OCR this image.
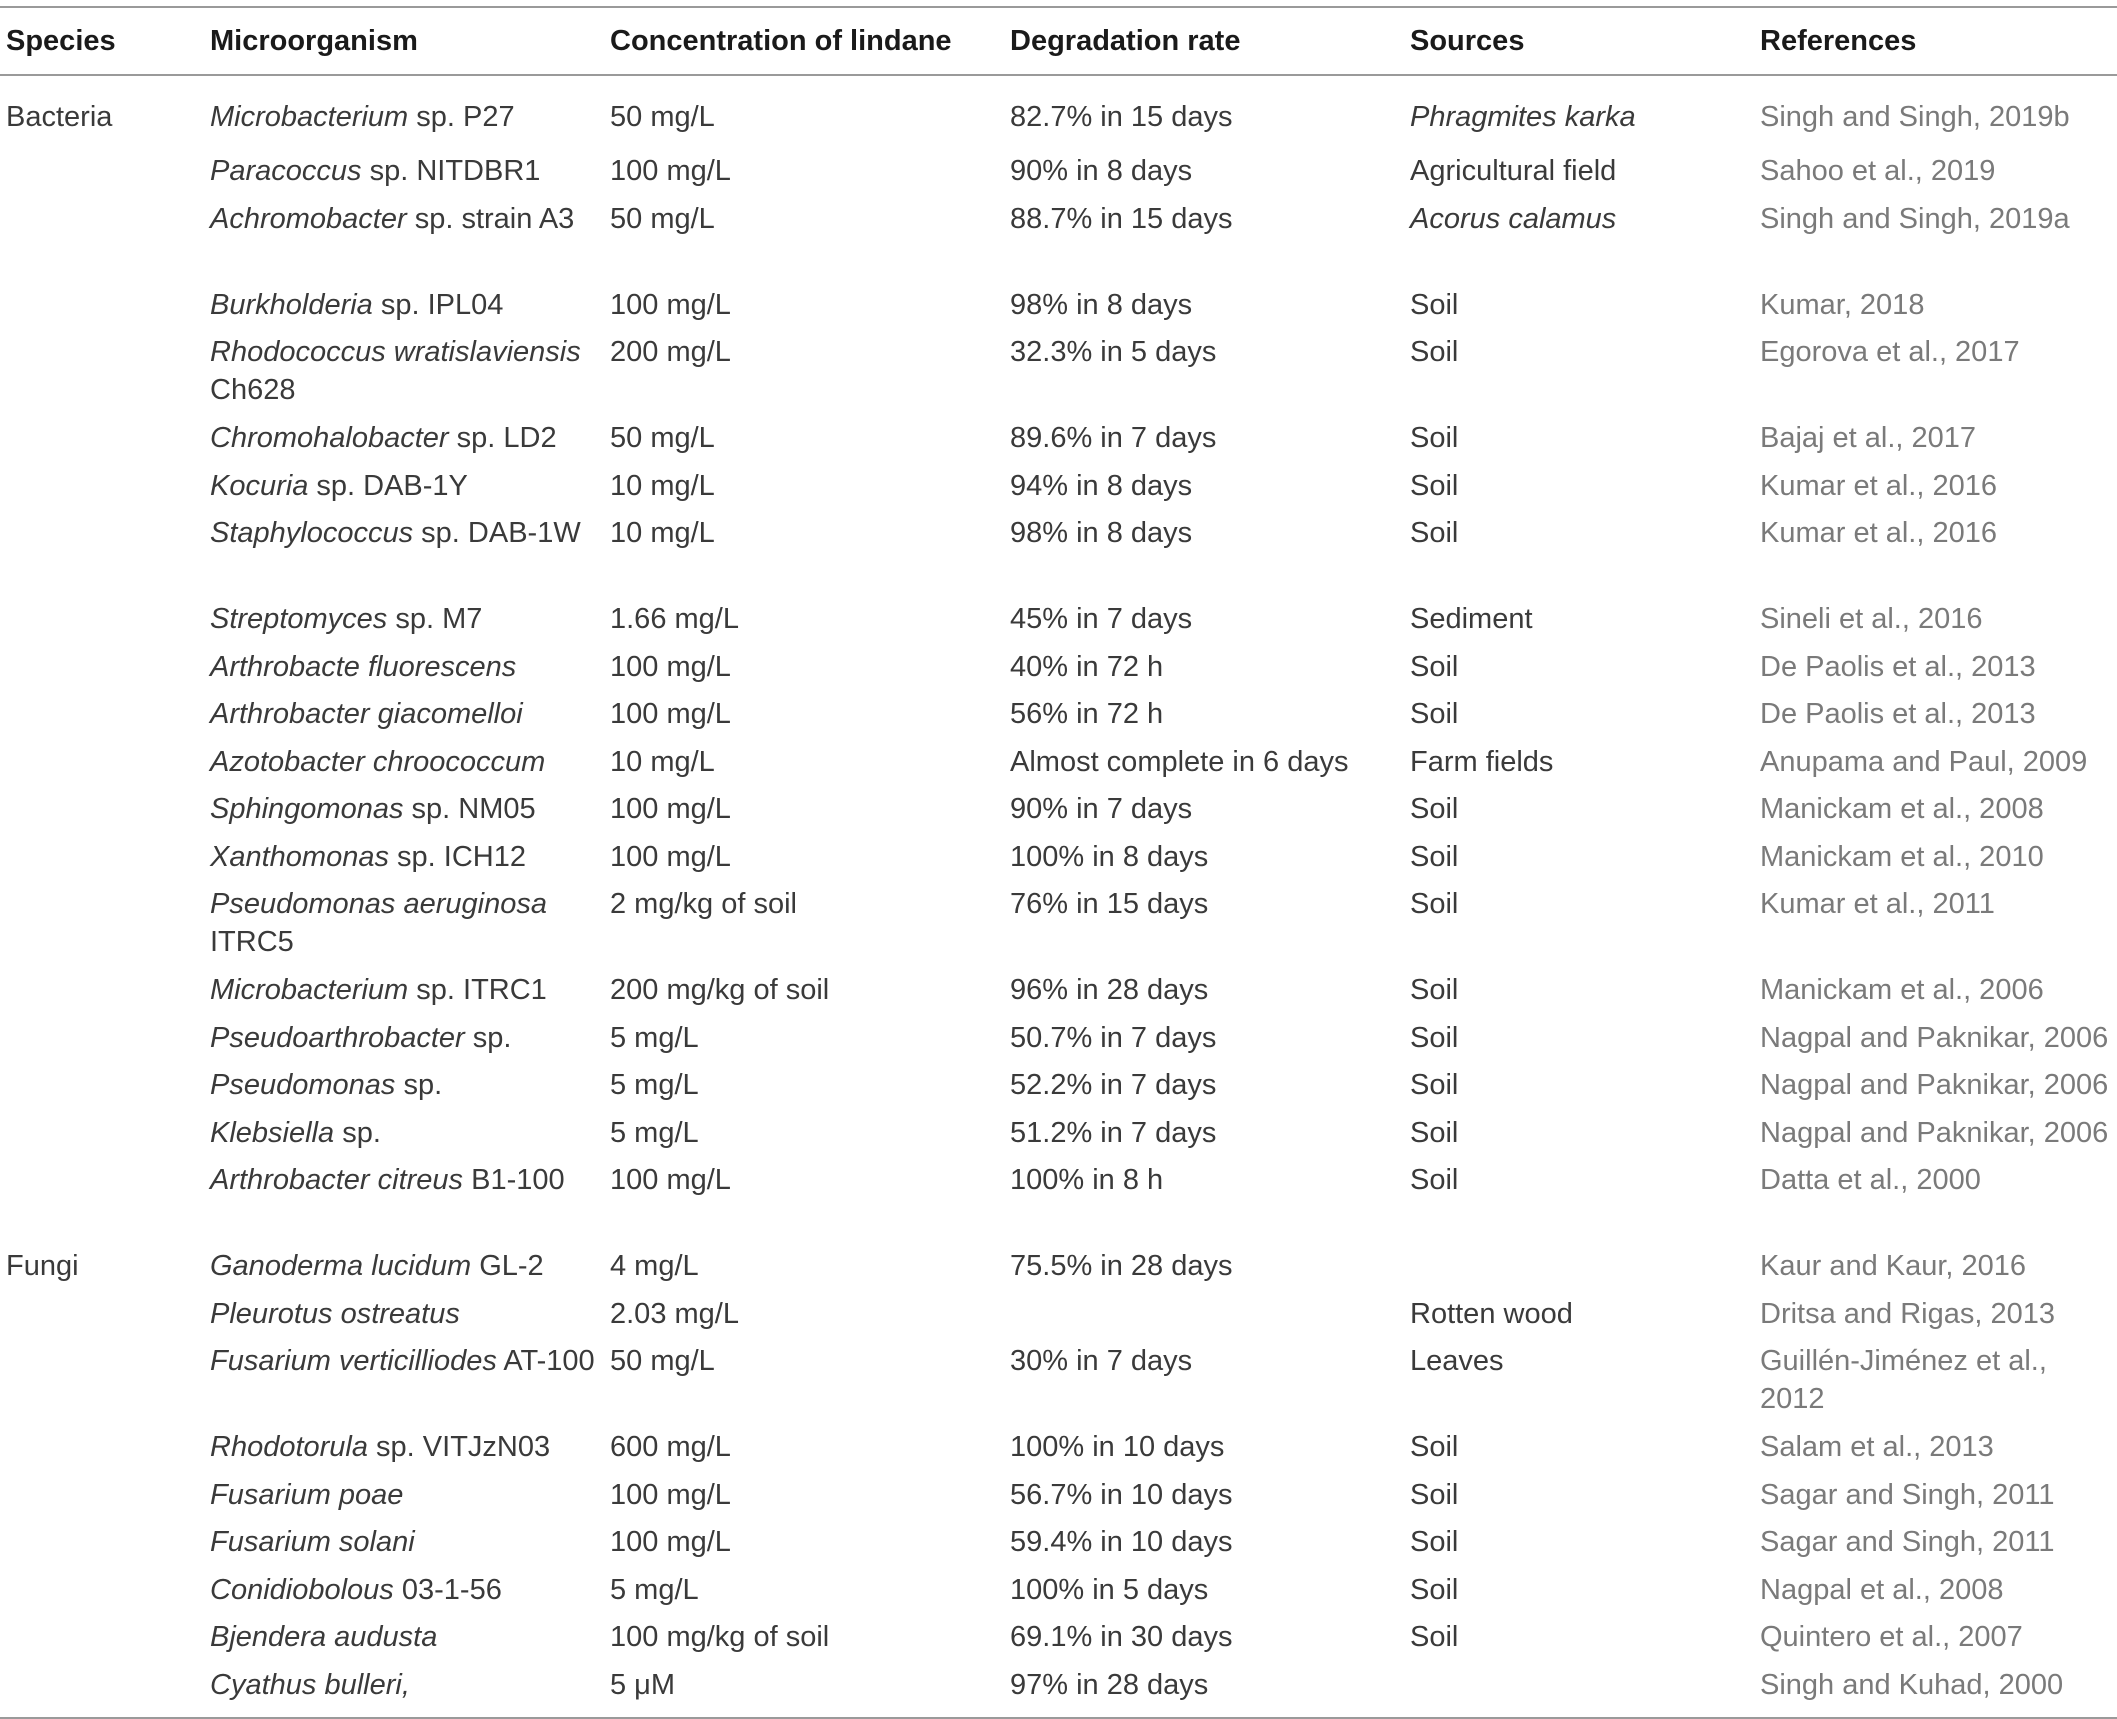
Species	Microorganism	Concentration of lindane	Degradation rate	Sources	References
Bacteria	Microbacterium sp. P27	50 mg/L	82.7% in 15 days	Phragmites karka	Singh and Singh, 2019b
	Paracoccus sp. NITDBR1	100 mg/L	90% in 8 days	Agricultural field	Sahoo et al., 2019
	Achromobacter sp. strain A3	50 mg/L	88.7% in 15 days	Acorus calamus	Singh and Singh, 2019a
	Burkholderia sp. IPL04	100 mg/L	98% in 8 days	Soil	Kumar, 2018
	Rhodococcus wratislaviensis Ch628	200 mg/L	32.3% in 5 days	Soil	Egorova et al., 2017
	Chromohalobacter sp. LD2	50 mg/L	89.6% in 7 days	Soil	Bajaj et al., 2017
	Kocuria sp. DAB-1Y	10 mg/L	94% in 8 days	Soil	Kumar et al., 2016
	Staphylococcus sp. DAB-1W	10 mg/L	98% in 8 days	Soil	Kumar et al., 2016
	Streptomyces sp. M7	1.66 mg/L	45% in 7 days	Sediment	Sineli et al., 2016
	Arthrobacte fluorescens	100 mg/L	40% in 72 h	Soil	De Paolis et al., 2013
	Arthrobacter giacomelloi	100 mg/L	56% in 72 h	Soil	De Paolis et al., 2013
	Azotobacter chroococcum	10 mg/L	Almost complete in 6 days	Farm fields	Anupama and Paul, 2009
	Sphingomonas sp. NM05	100 mg/L	90% in 7 days	Soil	Manickam et al., 2008
	Xanthomonas sp. ICH12	100 mg/L	100% in 8 days	Soil	Manickam et al., 2010
	Pseudomonas aeruginosa ITRC5	2 mg/kg of soil	76% in 15 days	Soil	Kumar et al., 2011
	Microbacterium sp. ITRC1	200 mg/kg of soil	96% in 28 days	Soil	Manickam et al., 2006
	Pseudoarthrobacter sp.	5 mg/L	50.7% in 7 days	Soil	Nagpal and Paknikar, 2006
	Pseudomonas sp.	5 mg/L	52.2% in 7 days	Soil	Nagpal and Paknikar, 2006
	Klebsiella sp.	5 mg/L	51.2% in 7 days	Soil	Nagpal and Paknikar, 2006
	Arthrobacter citreus B1-100	100 mg/L	100% in 8 h	Soil	Datta et al., 2000
Fungi	Ganoderma lucidum GL-2	4 mg/L	75.5% in 28 days		Kaur and Kaur, 2016
	Pleurotus ostreatus	2.03 mg/L		Rotten wood	Dritsa and Rigas, 2013
	Fusarium verticilliodes AT-100	50 mg/L	30% in 7 days	Leaves	Guillén-Jiménez et al., 2012
	Rhodotorula sp. VITJzN03	600 mg/L	100% in 10 days	Soil	Salam et al., 2013
	Fusarium poae	100 mg/L	56.7% in 10 days	Soil	Sagar and Singh, 2011
	Fusarium solani	100 mg/L	59.4% in 10 days	Soil	Sagar and Singh, 2011
	Conidiobolous 03-1-56	5 mg/L	100% in 5 days	Soil	Nagpal et al., 2008
	Bjendera audusta	100 mg/kg of soil	69.1% in 30 days	Soil	Quintero et al., 2007
	Cyathus bulleri,	5 μM	97% in 28 days		Singh and Kuhad, 2000
